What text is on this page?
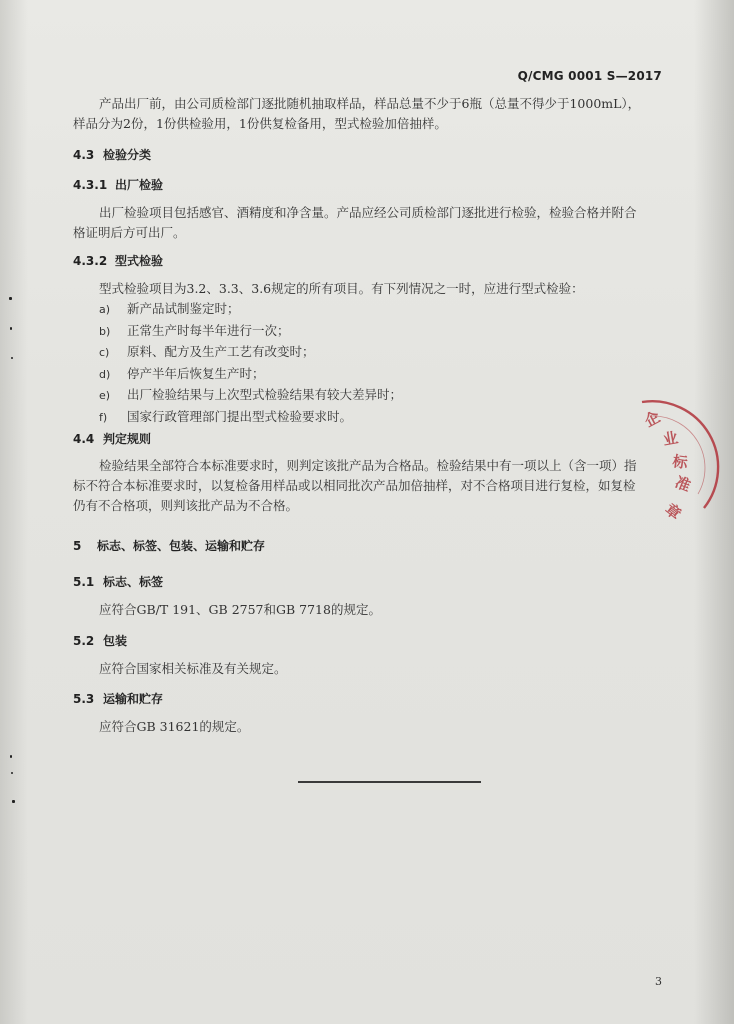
Q/CMG 0001 S—2017
产品出厂前，由公司质检部门逐批随机抽取样品，样品总量不少于6瓶（总量不得少于1000mL），
样品分为2份，1份供检验用，1份供复检备用，型式检验加倍抽样。
4.3 检验分类
4.3.1 出厂检验
出厂检验项目包括感官、酒精度和净含量。产品应经公司质检部门逐批进行检验，检验合格并附合
格证明后方可出厂。
4.3.2 型式检验
型式检验项目为3.2、3.3、3.6规定的所有项目。有下列情况之一时，应进行型式检验：
a) 新产品试制鉴定时；
b) 正常生产时每半年进行一次；
c) 原料、配方及生产工艺有改变时；
d) 停产半年后恢复生产时；
e) 出厂检验结果与上次型式检验结果有较大差异时；
f) 国家行政管理部门提出型式检验要求时。
4.4 判定规则
检验结果全部符合本标准要求时，则判定该批产品为合格品。检验结果中有一项以上（含一项）指
标不符合本标准要求时，以复检备用样品或以相同批次产品加倍抽样，对不合格项目进行复检，如复检
仍有不合格项，则判该批产品为不合格。
5 标志、标签、包装、运输和贮存
5.1 标志、标签
应符合GB/T 191、GB 2757和GB 7718的规定。
5.2 包装
应符合国家相关标准及有关规定。
5.3 运输和贮存
应符合GB 31621的规定。
3
企
业
标
准
章
